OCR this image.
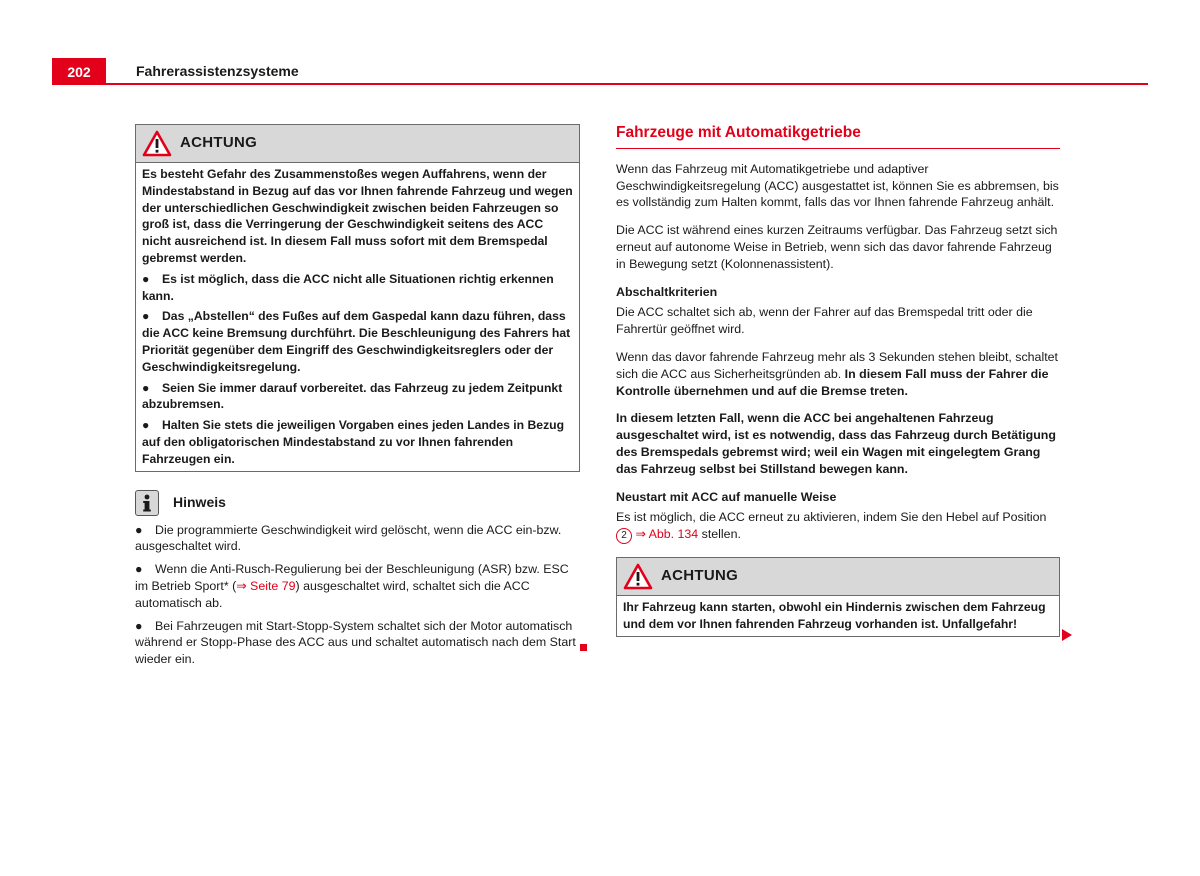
202	Fahrerassistenzsysteme
ACHTUNG

Es besteht Gefahr des Zusammenstoßes wegen Auffahrens, wenn der Mindestabstand in Bezug auf das vor Ihnen fahrende Fahrzeug und wegen der unterschiedlichen Geschwindigkeit zwischen beiden Fahrzeugen so groß ist, dass die Verringerung der Geschwindigkeit seitens des ACC nicht ausreichend ist. In diesem Fall muss sofort mit dem Bremspedal gebremst werden.

● Es ist möglich, dass die ACC nicht alle Situationen richtig erkennen kann.

● Das „Abstellen“ des Fußes auf dem Gaspedal kann dazu führen, dass die ACC keine Bremsung durchführt. Die Beschleunigung des Fahrers hat Priorität gegenüber dem Eingriff des Geschwindigkeitsreglers oder der Geschwindigkeitsregelung.

● Seien Sie immer darauf vorbereitet. das Fahrzeug zu jedem Zeitpunkt abzubremsen.

● Halten Sie stets die jeweiligen Vorgaben eines jeden Landes in Bezug auf den obligatorischen Mindestabstand zu vor Ihnen fahrenden Fahrzeugen ein.

Hinweis

● Die programmierte Geschwindigkeit wird gelöscht, wenn die ACC ein-bzw. ausgeschaltet wird.

● Wenn die Anti-Rusch-Regulierung bei der Beschleunigung (ASR) bzw. ESC im Betrieb Sport* (⇒ Seite 79) ausgeschaltet wird, schaltet sich die ACC automatisch ab.

● Bei Fahrzeugen mit Start-Stopp-System schaltet sich der Motor automatisch während er Stopp-Phase des ACC aus und schaltet automatisch nach dem Start wieder ein.

Fahrzeuge mit Automatikgetriebe

Wenn das Fahrzeug mit Automatikgetriebe und adaptiver Geschwindigkeitsregelung (ACC) ausgestattet ist, können Sie es abbremsen, bis es vollständig zum Halten kommt, falls das vor Ihnen fahrende Fahrzeug anhält.

Die ACC ist während eines kurzen Zeitraums verfügbar. Das Fahrzeug setzt sich erneut auf autonome Weise in Betrieb, wenn sich das davor fahrende Fahrzeug in Bewegung setzt (Kolonnenassistent).

Abschaltkriterien

Die ACC schaltet sich ab, wenn der Fahrer auf das Bremspedal tritt oder die Fahrertür geöffnet wird.

Wenn das davor fahrende Fahrzeug mehr als 3 Sekunden stehen bleibt, schaltet sich die ACC aus Sicherheitsgründen ab. In diesem Fall muss der Fahrer die Kontrolle übernehmen und auf die Bremse treten.

In diesem letzten Fall, wenn die ACC bei angehaltenen Fahrzeug ausgeschaltet wird, ist es notwendig, dass das Fahrzeug durch Betätigung des Bremspedals gebremst wird; weil ein Wagen mit eingelegtem Grang das Fahrzeug selbst bei Stillstand bewegen kann.

Neustart mit ACC auf manuelle Weise

Es ist möglich, die ACC erneut zu aktivieren, indem Sie den Hebel auf Position 2 ⇒ Abb. 134 stellen.

ACHTUNG

Ihr Fahrzeug kann starten, obwohl ein Hindernis zwischen dem Fahrzeug und dem vor Ihnen fahrenden Fahrzeug vorhanden ist. Unfallgefahr!
